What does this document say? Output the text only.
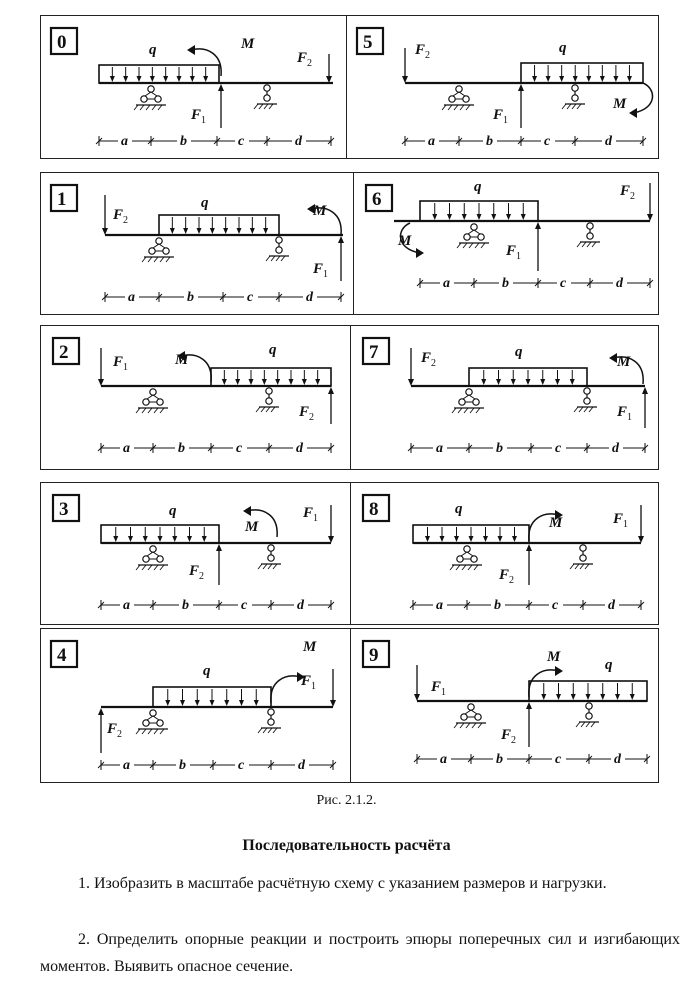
0	q	M
$F_1$
$F_2$
a	b	c	d
5	$F_2$	q
$F_1$
M
a	b	c	d
1
$F_2$
q	M
$F_1$
a	b	c	d
6
q	$F_2$
$F_1$
M
a	b	c	d
2	$F_1$
q
M
$F_2$
a	b	c	d
7	$F_2$
q
M
$F_1$
a	b	c	d
3	q
M
$F_1$
$F_2$
a	b	c	d
8	q
M	$F_1$
$F_2$
a	b	c	d
4
q
$F_2$
M
$F_1$
a	b	c	d
9
$F_1$
q
M
$F_2$
a	b	c	d
Рис. 2.1.2.
Последовательность расчёта
1. Изобразить в масштабе расчётную схему с указанием размеров и нагрузки.
2. Определить опорные реакции и построить эпюры поперечных сил и изгибающих моментов. Выявить опасное сечение.
